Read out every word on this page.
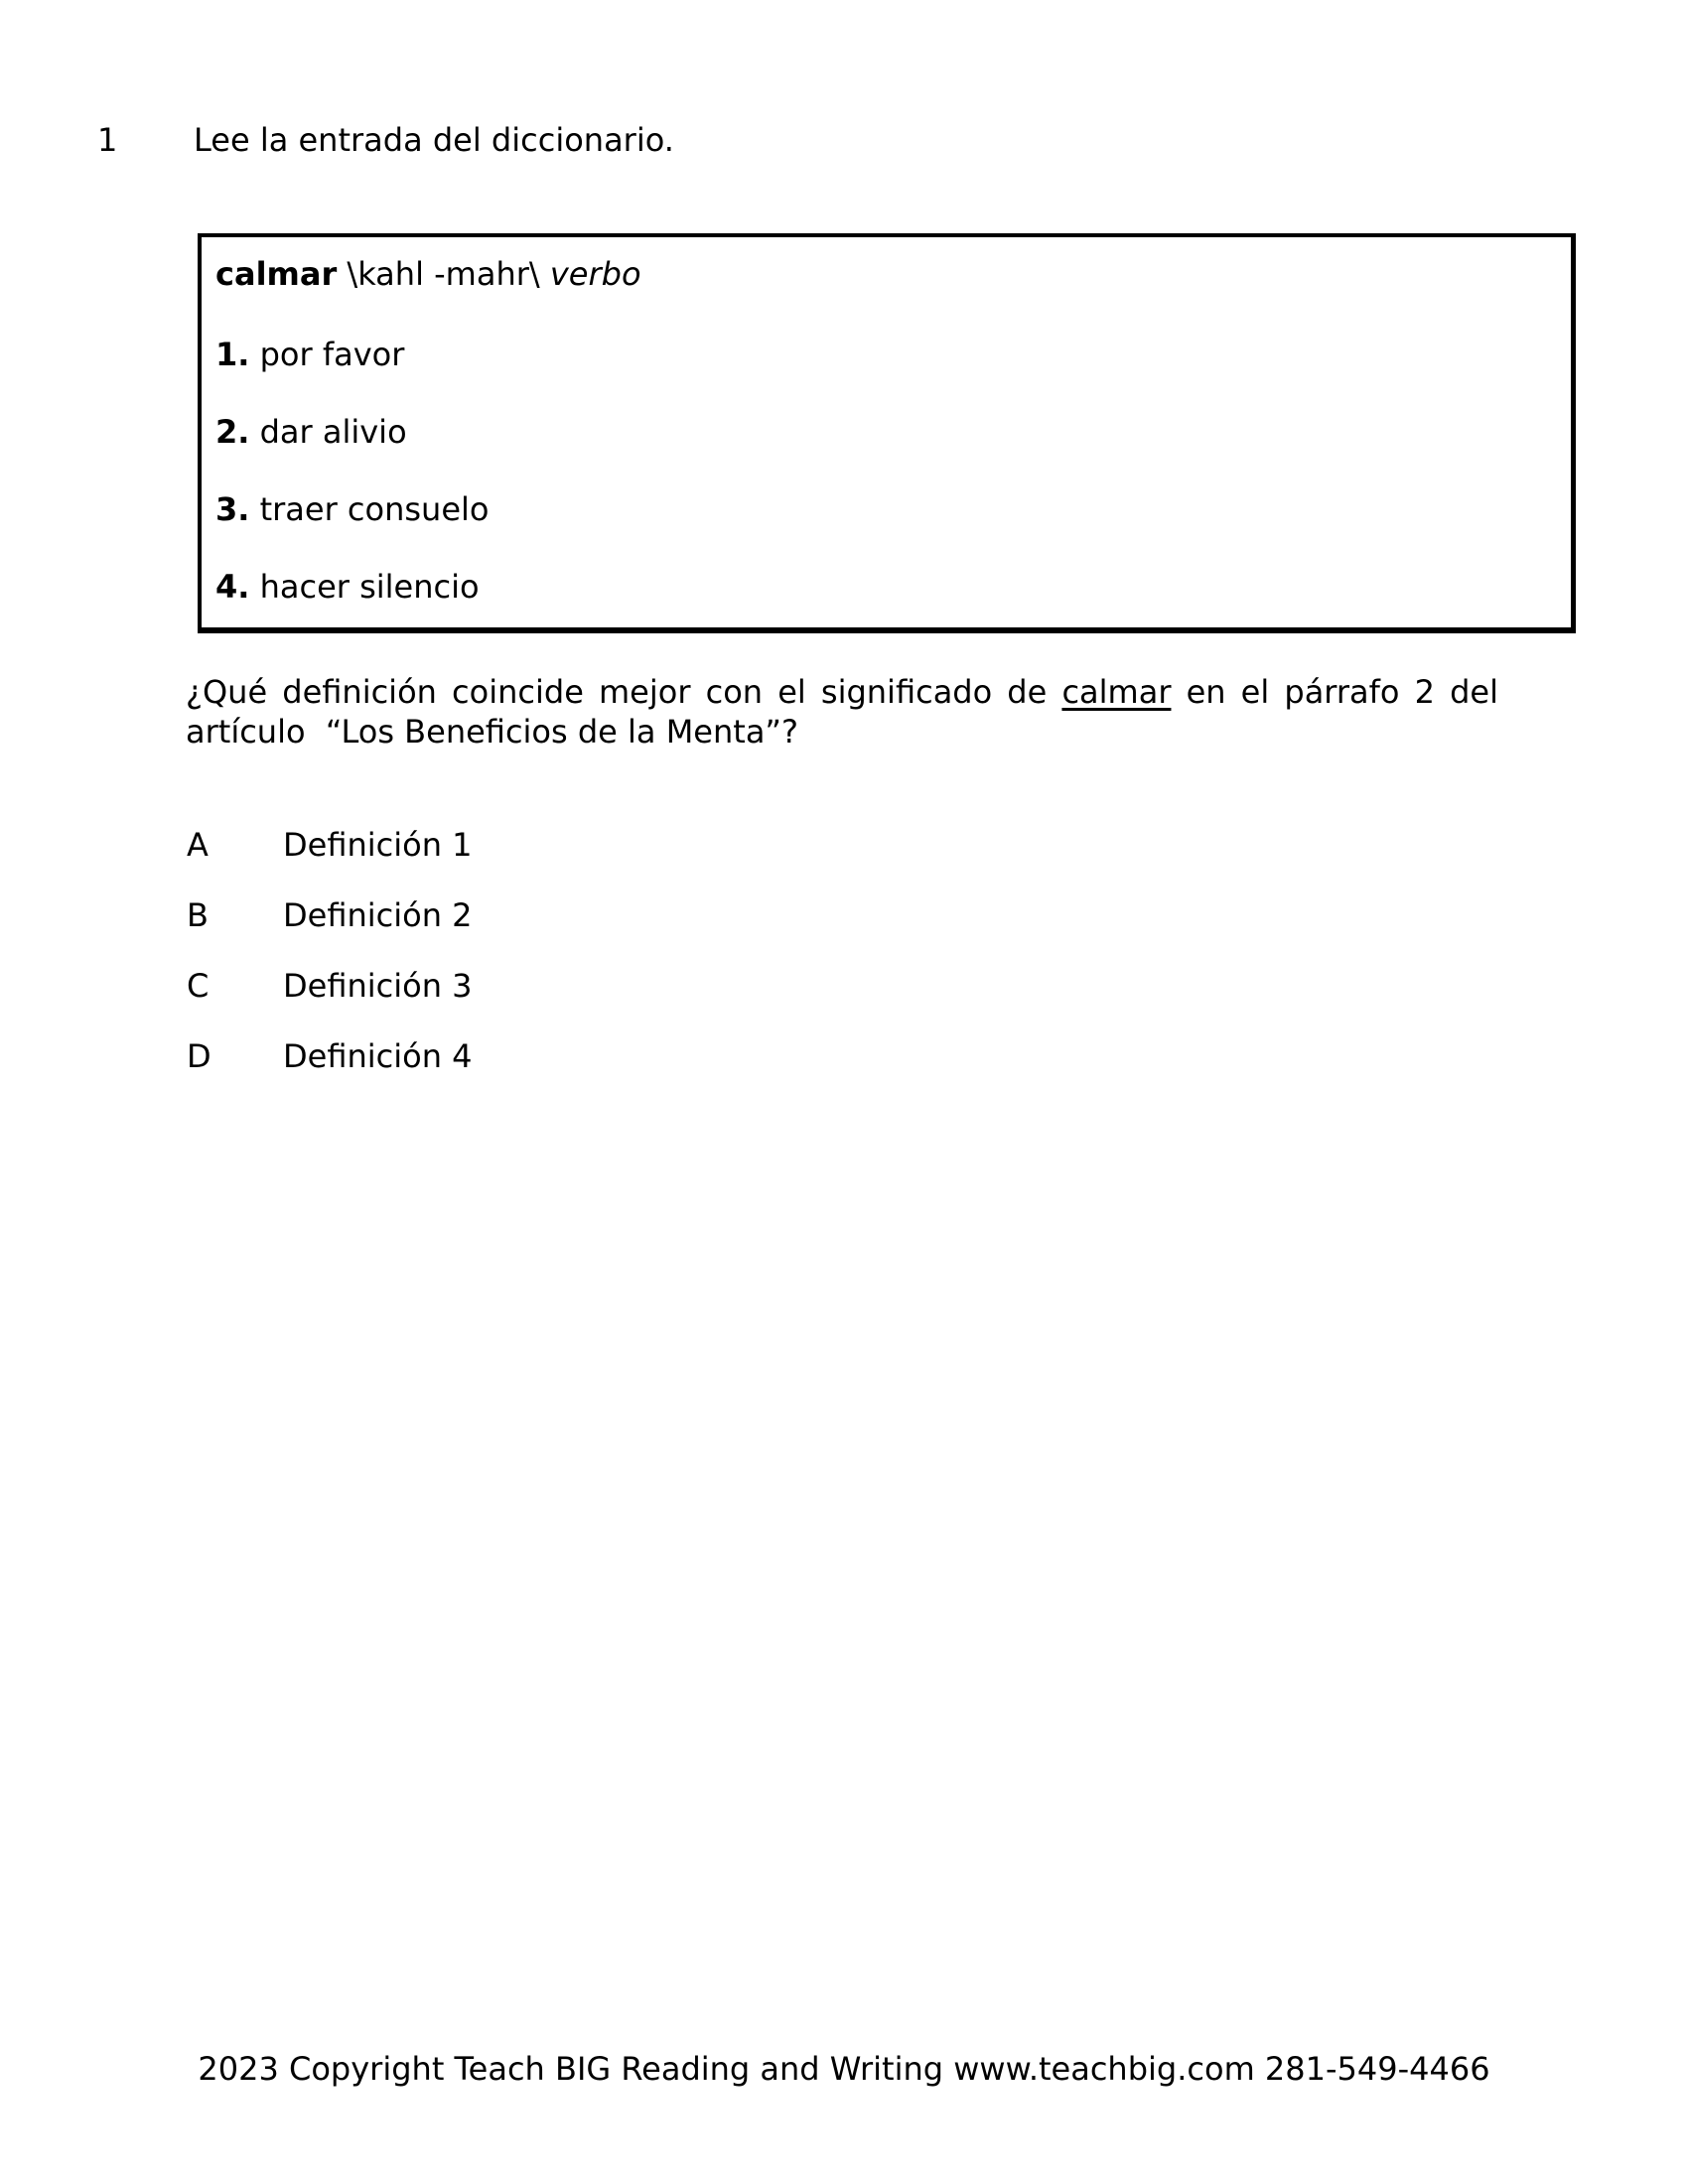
1 Lee la entrada del diccionario.

calmar \kahl -mahr\ verbo

1. por favor

2. dar alivio

3. traer consuelo

4. hacer silencio

¿Qué definición coincide mejor con el significado de calmar en el párrafo 2 del

artículo  “Los Beneficios de la Menta”?

A Definición 1
B Definición 2
C Definición 3
D Definición 4
2023 Copyright Teach BIG Reading and Writing www.teachbig.com 281-549-4466
